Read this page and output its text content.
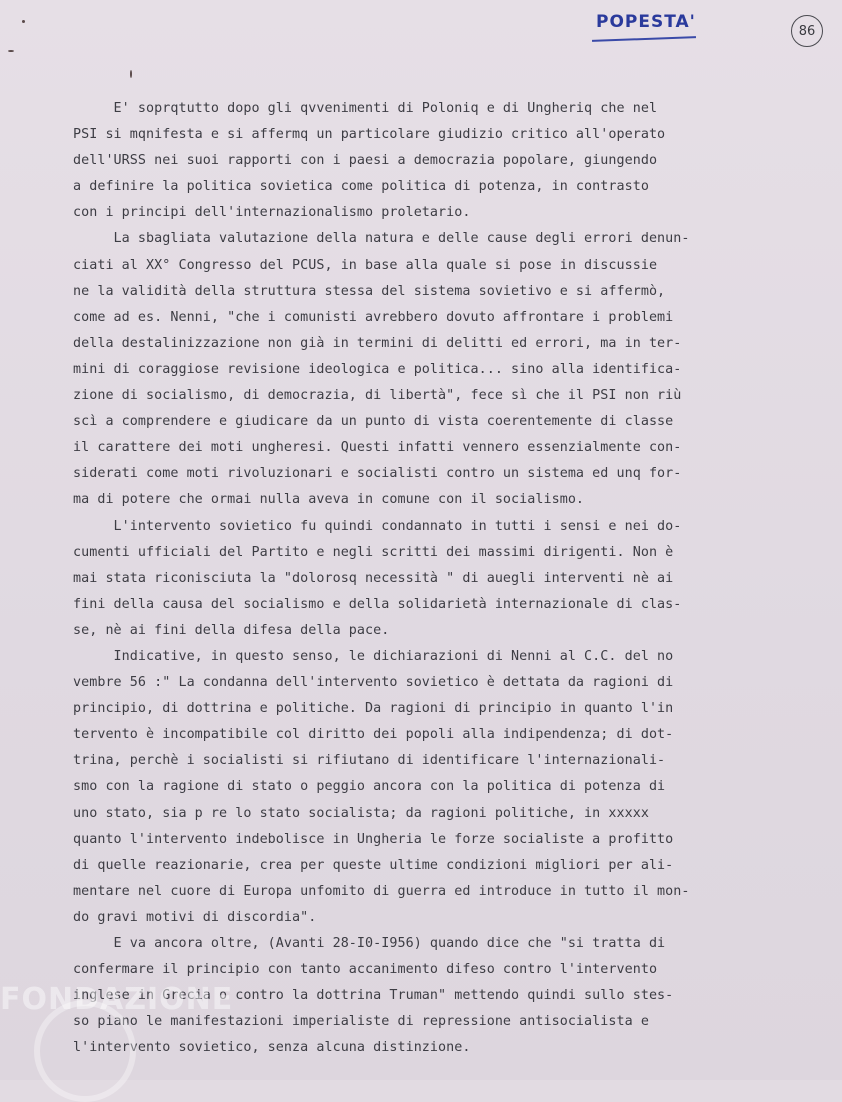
POPESTA'	86
E' soprqtutto dopo gli qvvenimenti di Poloniq e di Ungheriq che nel
PSI si mqnifesta e si affermq un particolare giudizio critico all'operato
dell'URSS nei suoi rapporti con i paesi a democrazia popolare, giungendo
a definire la politica sovietica come politica di potenza, in contrasto
con i principi dell'internazionalismo proletario.
La sbagliata valutazione della natura e delle cause degli errori denun-
ciati al XX° Congresso del PCUS, in base alla quale si pose in discussie
ne la validità della struttura stessa del sistema sovietivo e si affermò,
come ad es. Nenni, "che i comunisti avrebbero dovuto affrontare i problemi
della destalinizzazione non già in termini di delitti ed errori, ma in ter-
mini di coraggiose revisione ideologica e politica... sino alla identifica-
zione di socialismo, di democrazia, di libertà", fece sì che il PSI non riù
scì a comprendere e giudicare da un punto di vista coerentemente di classe
il carattere dei moti ungheresi. Questi infatti vennero essenzialmente con-
siderati come moti rivoluzionari e socialisti contro un sistema ed unq for-
ma di potere che ormai nulla aveva in comune con il socialismo.
L'intervento sovietico fu quindi condannato in tutti i sensi e nei do-
cumenti ufficiali del Partito e negli scritti dei massimi dirigenti. Non è
mai stata riconisciuta la "dolorosq necessità " di auegli interventi nè ai
fini della causa del socialismo e della solidarietà internazionale di clas-
se, nè ai fini della difesa della pace.
Indicative, in questo senso, le dichiarazioni di Nenni al C.C. del no
vembre 56 :" La condanna dell'intervento sovietico è dettata da ragioni di
principio, di dottrina e politiche. Da ragioni di principio in quanto l'in
tervento è incompatibile col diritto dei popoli alla indipendenza; di dot-
trina, perchè i socialisti si rifiutano di identificare l'internazionali-
smo con la ragione di stato o peggio ancora con la politica di potenza di
uno stato, sia p re lo stato socialista; da ragioni politiche, in xxxxx
quanto l'intervento indebolisce in Ungheria le forze socialiste a profitto
di quelle reazionarie, crea per queste ultime condizioni migliori per ali-
mentare nel cuore di Europa unfomito di guerra ed introduce in tutto il mon-
do gravi motivi di discordia".
E va ancora oltre, (Avanti 28-I0-I956) quando dice che "si tratta di
confermare il principio con tanto accanimento difeso contro l'intervento
inglese in Grecia o contro la dottrina Truman" mettendo quindi sullo stes-
so piano le manifestazioni imperialiste di repressione antisocialista e
l'intervento sovietico, senza alcuna distinzione.
FONDAZIONE
